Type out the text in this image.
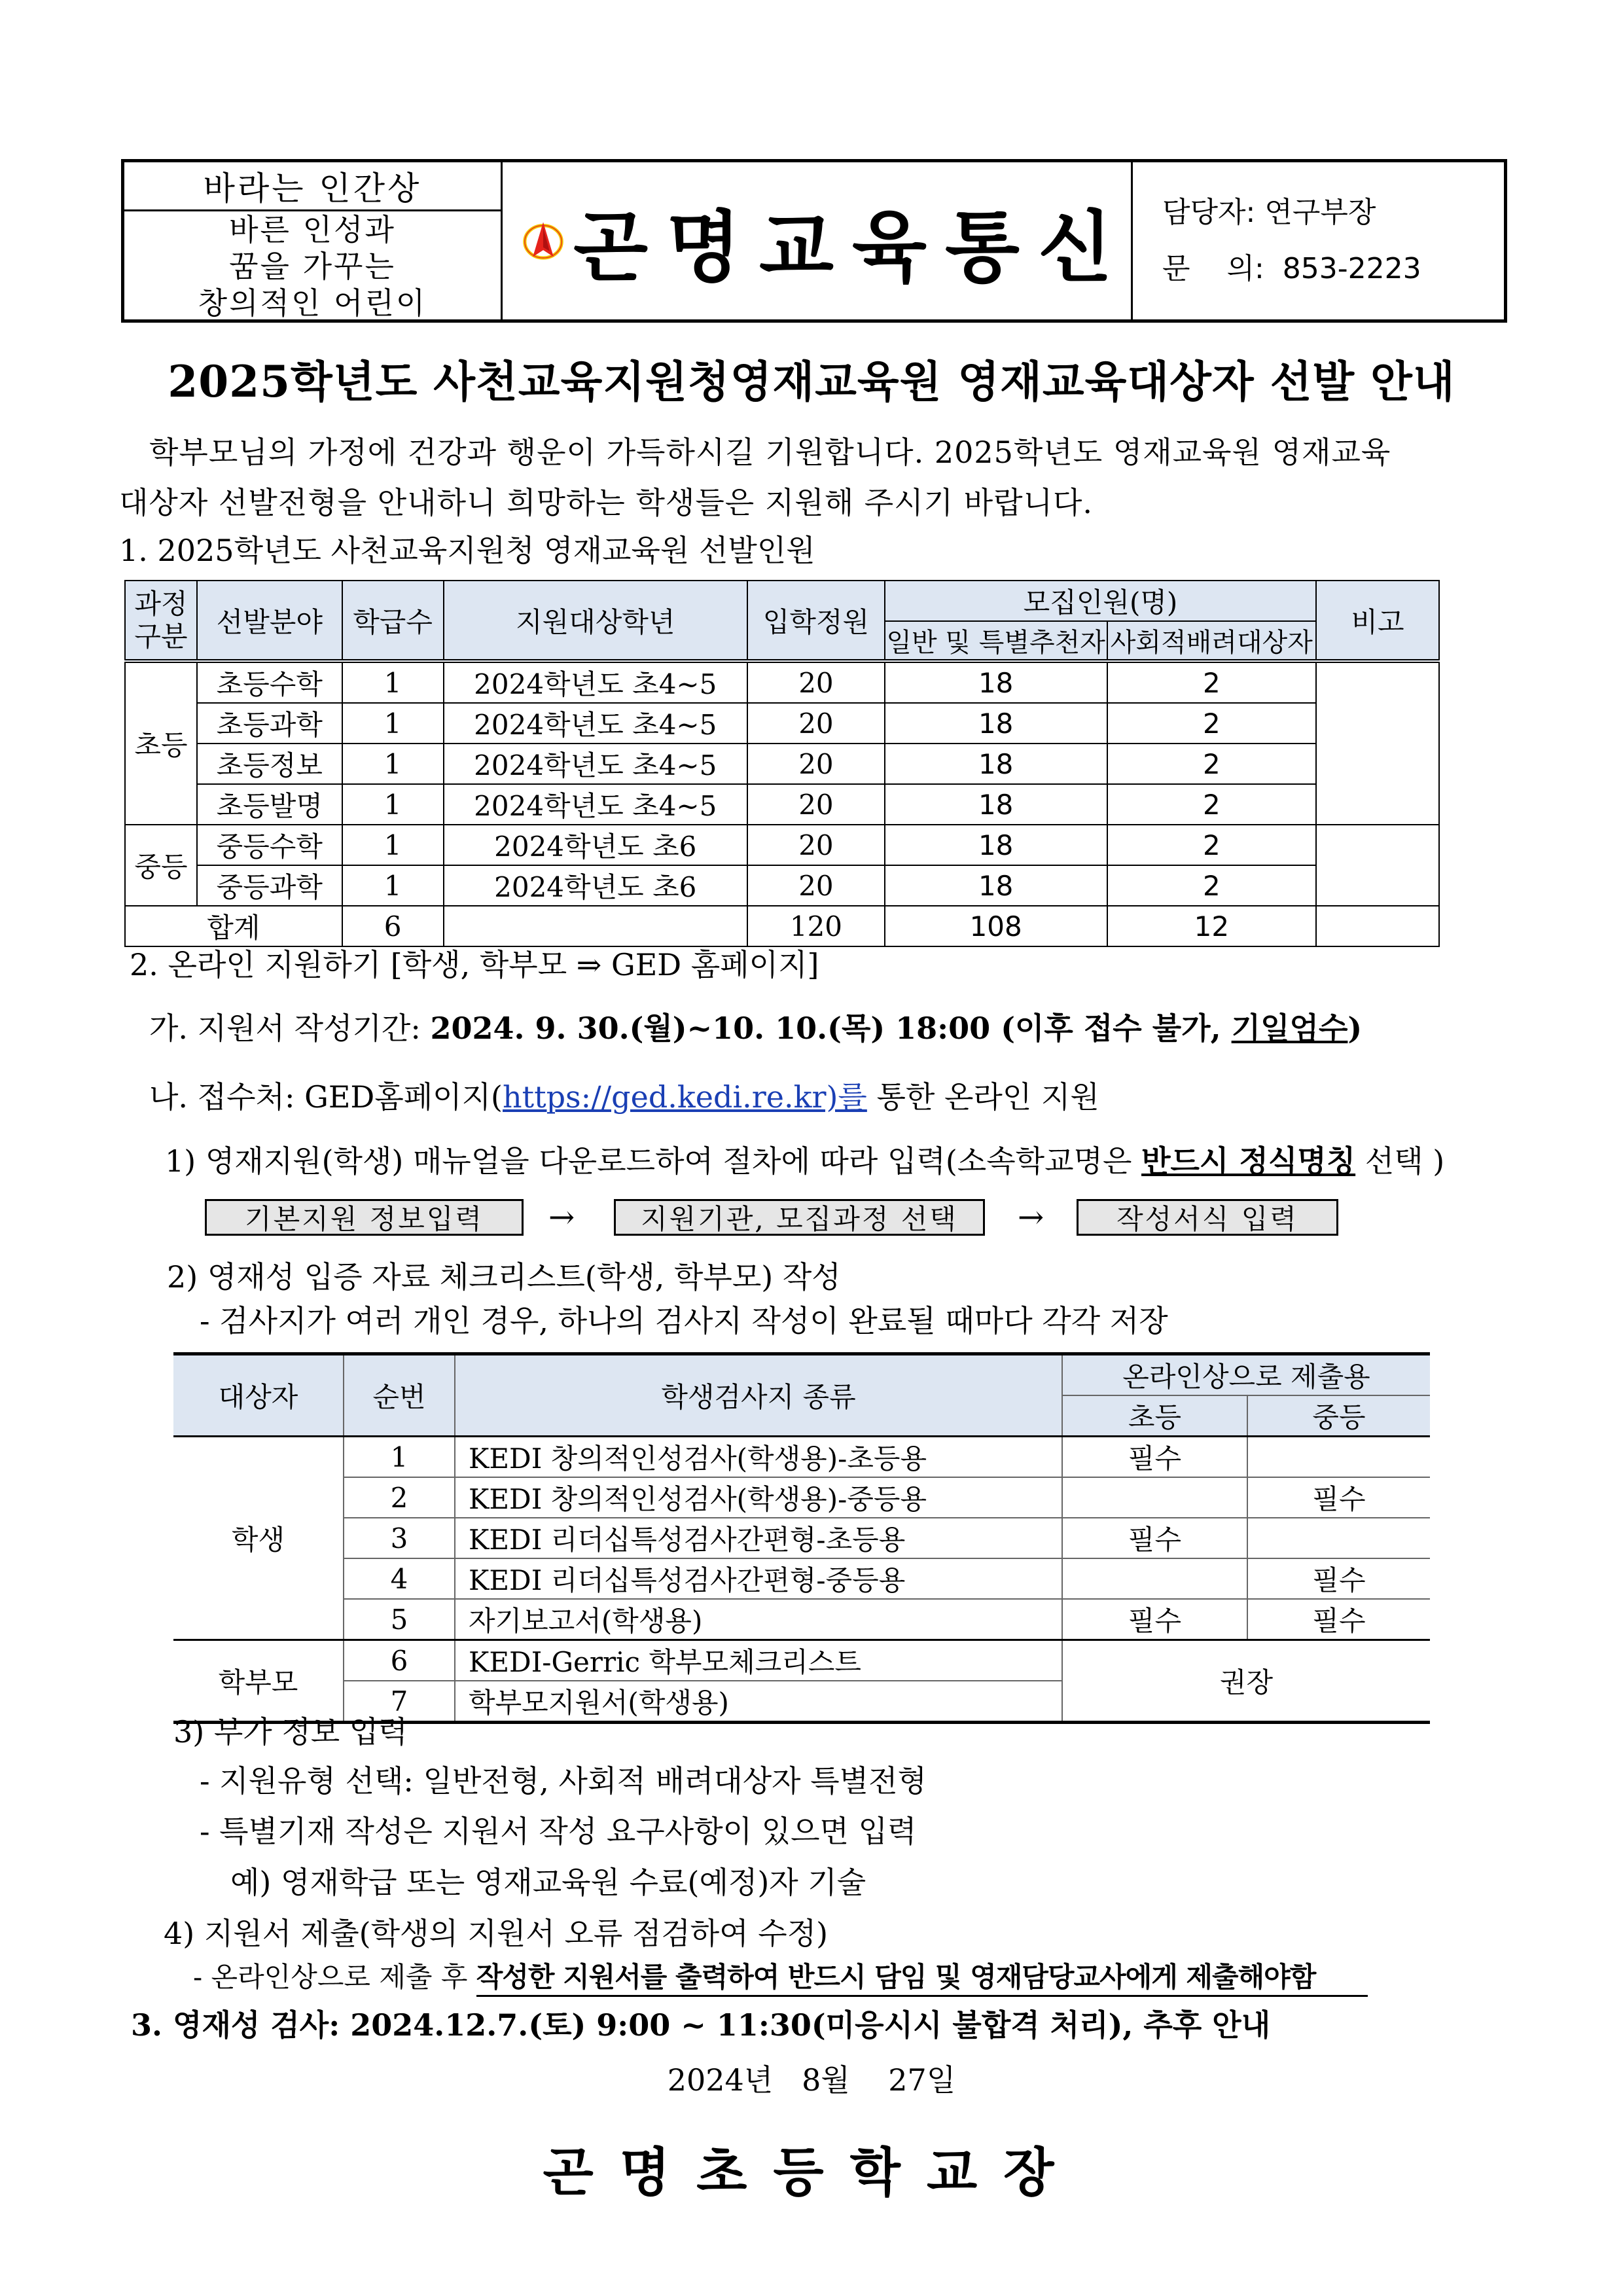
바라는 인간상
바른 인성과
꿈을 가꾸는
창의적인 어린이
곤명교육통신 담당자: 연구부장
문    의:  853-2223
2025학년도 사천교육지원청영재교육원 영재교육대상자 선발 안내
학부모님의 가정에 건강과 행운이 가득하시길 기원합니다. 2025학년도 영재교육원 영재교육
대상자 선발전형을 안내하니 희망하는 학생들은 지원해 주시기 바랍니다.
1. 2025학년도 사천교육지원청 영재교육원 선발인원
과정
구분	선발분야	학급수	지원대상학년	입학정원	모집인원(명)		비고
					일반 및 특별추천자	사회적배려대상자	
초등	초등수학	1	2024학년도 초4~5	20	18	2	
	초등과학	1	2024학년도 초4~5	20	18	2	
	초등정보	1	2024학년도 초4~5	20	18	2	
	초등발명	1	2024학년도 초4~5	20	18	2	
중등	중등수학	1	2024학년도 초6	20	18	2	
	중등과학	1	2024학년도 초6	20	18	2	
합계		6		120	108	12	
2. 온라인 지원하기 [학생, 학부모 ⇒ GED 홈페이지]
가. 지원서 작성기간: 2024. 9. 30.(월)~10. 10.(목) 18:00 (이후 접수 불가, 기일엄수)
나. 접수처: GED홈페이지(https://ged.kedi.re.kr)를 통한 온라인 지원
1) 영재지원(학생) 매뉴얼을 다운로드하여 절차에 따라 입력(소속학교명은 반드시 정식명칭 선택 )
기본지원 정보입력	→	지원기관, 모집과정 선택	→	작성서식 입력
2) 영재성 입증 자료 체크리스트(학생, 학부모) 작성
- 검사지가 여러 개인 경우, 하나의 검사지 작성이 완료될 때마다 각각 저장
대상자	순번	학생검사지 종류	온라인상으로 제출용	
			초등	중등
학생	1	KEDI 창의적인성검사(학생용)-초등용	필수	
	2	KEDI 창의적인성검사(학생용)-중등용		필수
	3	KEDI 리더십특성검사간편형-초등용	필수	
	4	KEDI 리더십특성검사간편형-중등용		필수
	5	자기보고서(학생용)	필수	필수
학부모	6	KEDI-Gerric 학부모체크리스트	권장	
	7	학부모지원서(학생용)		
3) 부가 정보 입력
- 지원유형 선택: 일반전형, 사회적 배려대상자 특별전형
- 특별기재 작성은 지원서 작성 요구사항이 있으면 입력
예) 영재학급 또는 영재교육원 수료(예정)자 기술
4) 지원서 제출(학생의 지원서 오류 점검하여 수정)
- 온라인상으로 제출 후 작성한 지원서를 출력하여 반드시 담임 및 영재담당교사에게 제출해야함
3. 영재성 검사: 2024.12.7.(토) 9:00 ~ 11:30(미응시시 불합격 처리), 추후 안내
2024년   8월    27일
곤명초등학교장
